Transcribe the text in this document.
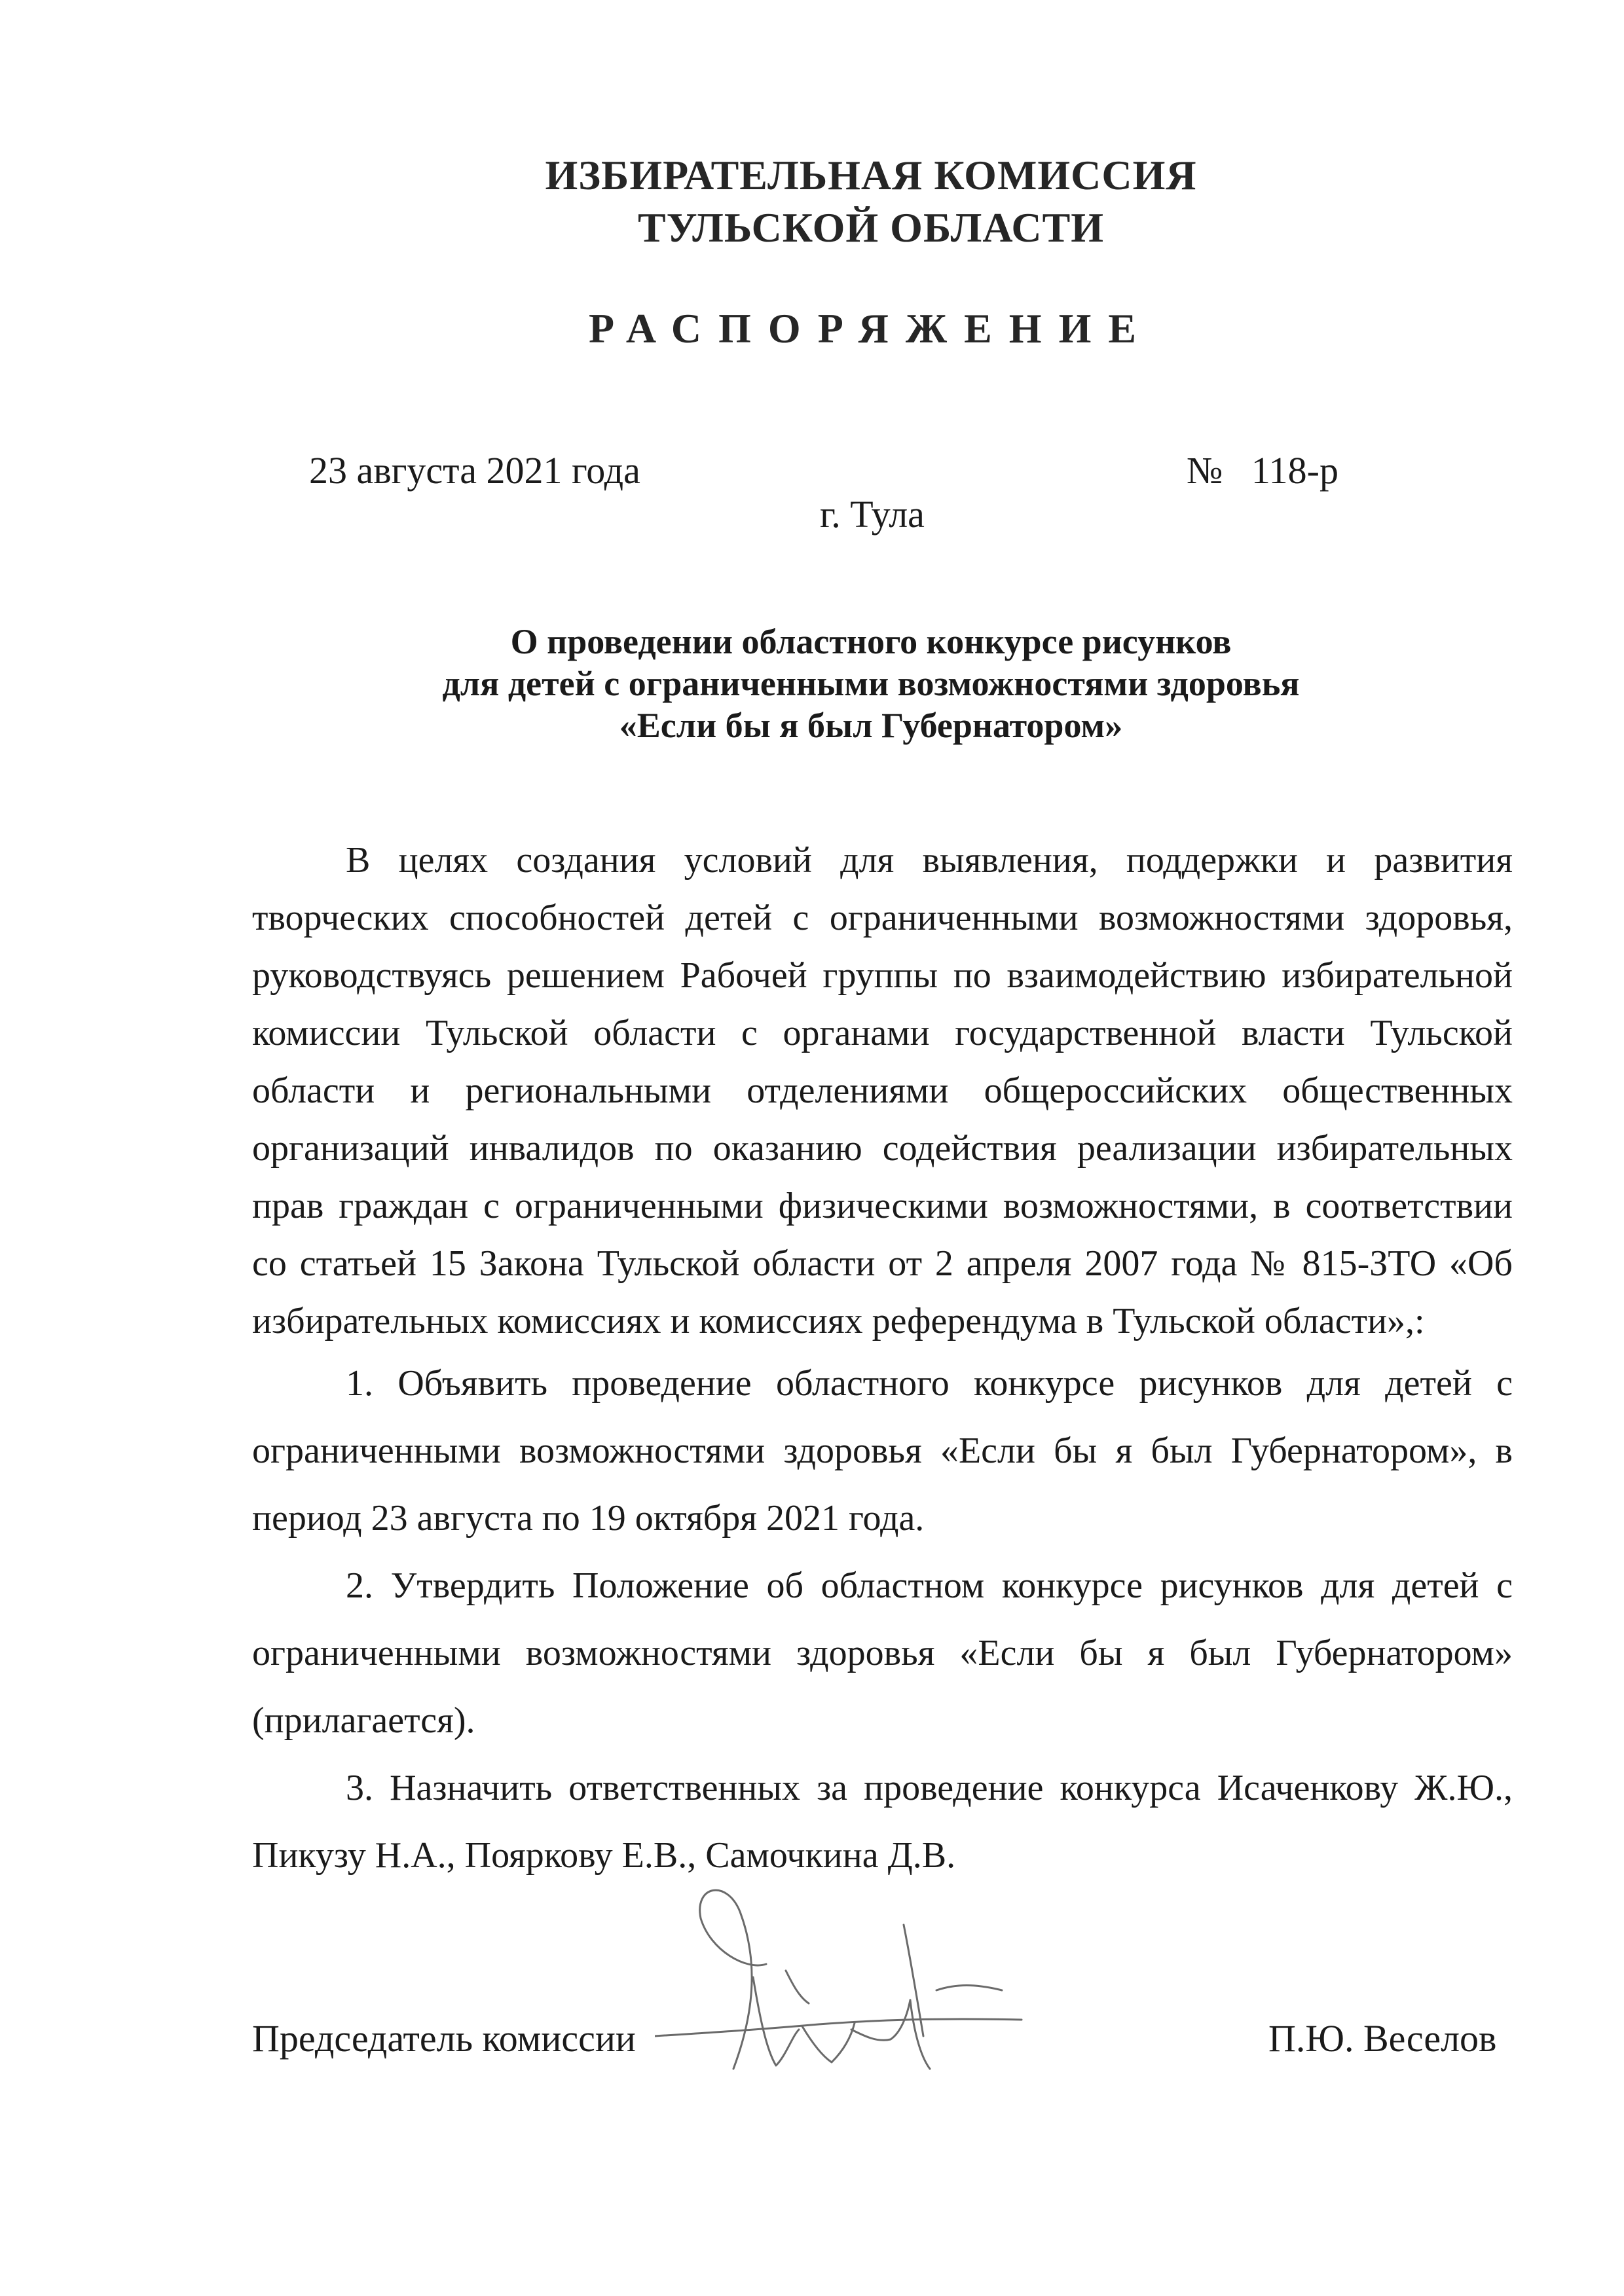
ИЗБИРАТЕЛЬНАЯ КОМИССИЯ
ТУЛЬСКОЙ ОБЛАСТИ
РАСПОРЯЖЕНИЕ
23 августа 2021 года	№   118-р
г. Тула
О проведении областного конкурсе рисунков
для детей с ограниченными возможностями здоровья
«Если бы я был Губернатором»

В целях создания условий для выявления, поддержки и развития творческих способностей детей с ограниченными возможностями здоровья, руководствуясь решением Рабочей группы по взаимодействию избирательной комиссии Тульской области с органами государственной власти Тульской области и региональными отделениями общероссийских общественных организаций инвалидов по оказанию содействия реализации избирательных прав граждан с ограниченными физическими возможностями, в соответствии со статьей 15 Закона Тульской области от 2 апреля 2007 года № 815-ЗТО «Об избирательных комиссиях и комиссиях референдума в Тульской области»,:

1. Объявить проведение областного конкурсе рисунков для детей с ограниченными возможностями здоровья «Если бы я был Губернатором», в период 23 августа по 19 октября 2021 года.

2. Утвердить Положение об областном конкурсе рисунков для детей с ограниченными возможностями здоровья «Если бы я был Губернатором» (прилагается).

3. Назначить ответственных за проведение конкурса Исаченкову Ж.Ю., Пикузу Н.А., Пояркову Е.В., Самочкина Д.В.

Председатель комиссии	П.Ю. Веселов
